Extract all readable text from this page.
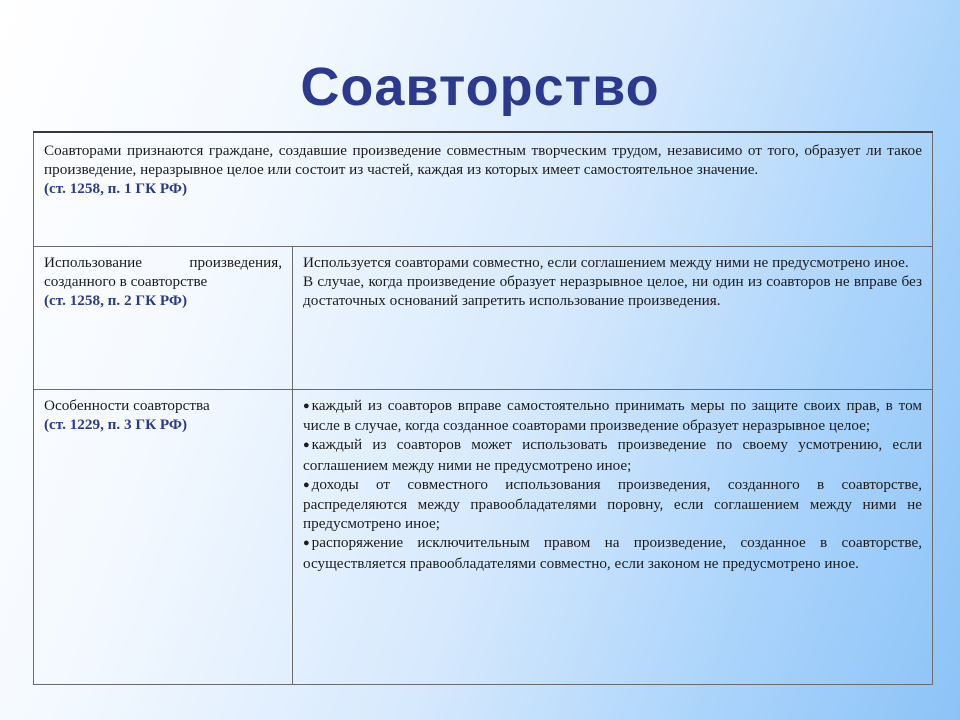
Соавторство

Соавторами признаются граждане, создавшие произведение совместным творческим трудом, независимо от того, образует ли такое произведение, неразрывное целое или состоит из частей, каждая из которых имеет самостоятельное значение.

(ст. 1258, п. 1 ГК РФ)

Использование произведения, созданного в соавторстве

(ст. 1258, п. 2 ГК РФ)

Используется соавторами совместно, если соглашением между ними не предусмотрено иное.

В случае, когда произведение образует неразрывное целое, ни один из соавторов не вправе без достаточных оснований запретить использование произведения.

Особенности соавторства

(ст. 1229, п. 3 ГК РФ)

● каждый из соавторов вправе самостоятельно принимать меры по защите своих прав, в том числе в случае, когда созданное соавторами произведение образует неразрывное целое;

● каждый из соавторов может использовать произведение по своему усмотрению, если соглашением между ними не предусмотрено иное;

● доходы от совместного использования произведения, созданного в соавторстве, распределяются между правообладателями поровну, если соглашением между ними не предусмотрено иное;

● распоряжение исключительным правом на произведение, созданное в соавторстве, осуществляется правообладателями совместно, если законом не предусмотрено иное.
